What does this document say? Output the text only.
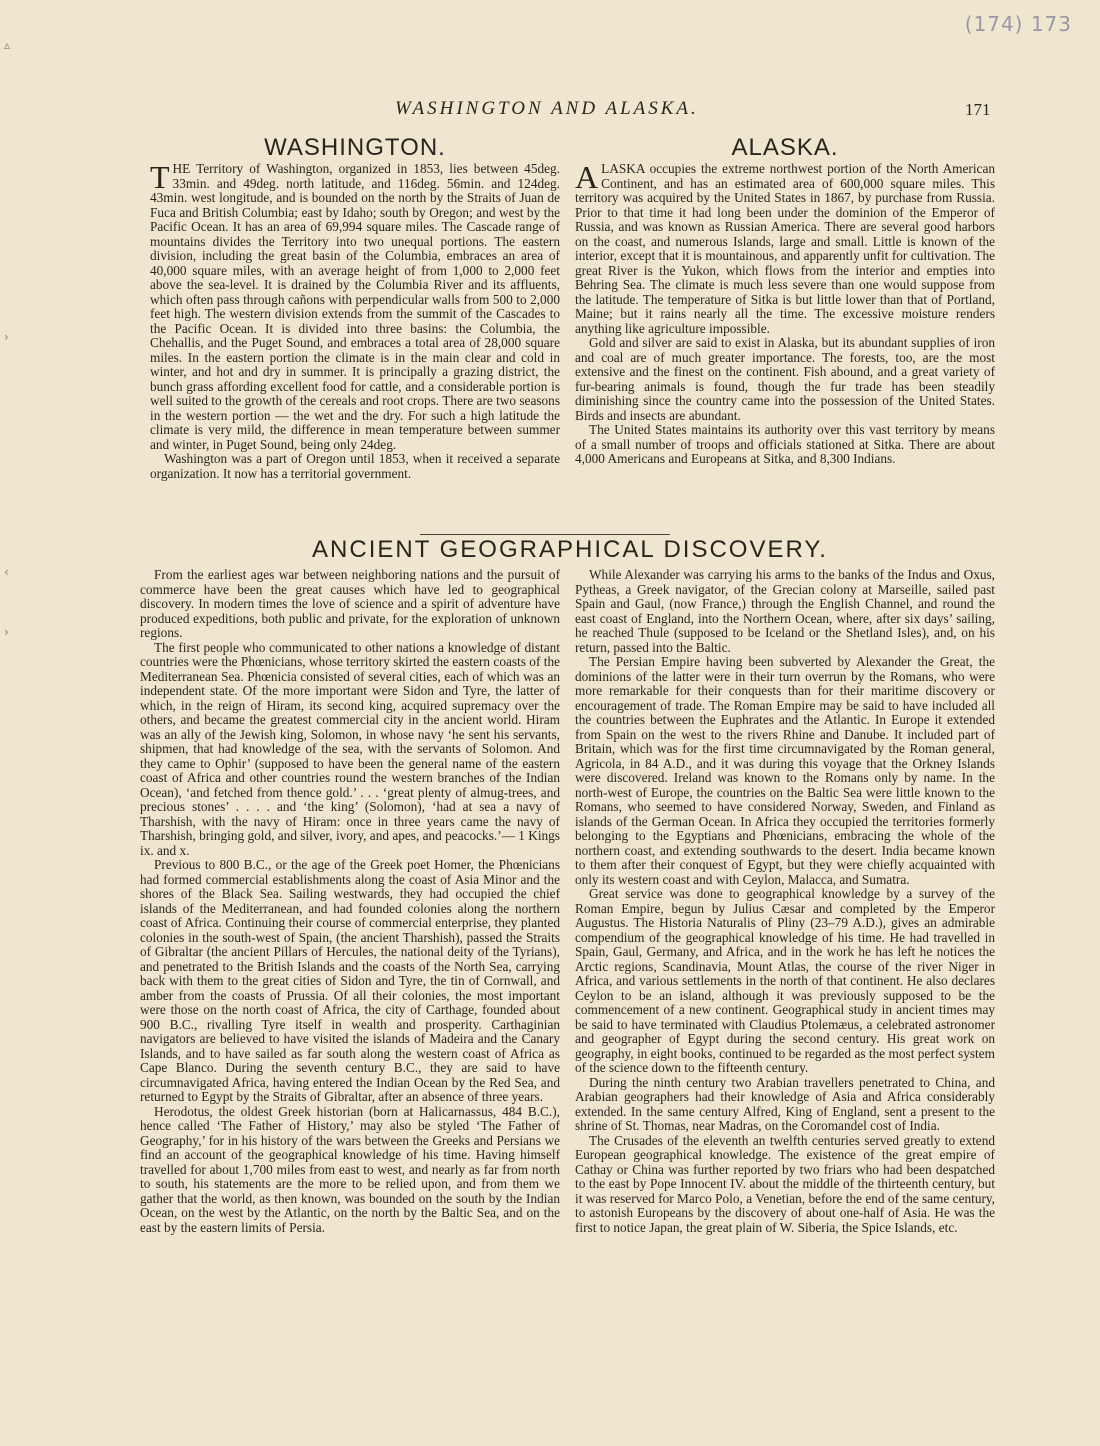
(174) 173
▵
›
‹
›
WASHINGTON AND ALASKA.	171
WASHINGTON.	ALASKA.

THE Territory of Washington, organized in 1853, lies between 45deg. 33min. and 49deg. north latitude, and 116deg. 56min. and 124deg. 43min. west longitude, and is bounded on the north by the Straits of Juan de Fuca and British Columbia; east by Idaho; south by Oregon; and west by the Pacific Ocean. It has an area of 69,994 square miles. The Cascade range of mountains divides the Territory into two unequal portions. The eastern division, including the great basin of the Columbia, embraces an area of 40,000 square miles, with an average height of from 1,000 to 2,000 feet above the sea-level. It is drained by the Columbia River and its affluents, which often pass through cañons with perpendicular walls from 500 to 2,000 feet high. The western division extends from the summit of the Cascades to the Pacific Ocean. It is divided into three basins: the Columbia, the Chehallis, and the Puget Sound, and embraces a total area of 28,000 square miles. In the eastern portion the climate is in the main clear and cold in winter, and hot and dry in summer. It is principally a grazing district, the bunch grass affording excellent food for cattle, and a considerable portion is well suited to the growth of the cereals and root crops. There are two seasons in the western portion — the wet and the dry. For such a high latitude the climate is very mild, the difference in mean temperature between summer and winter, in Puget Sound, being only 24deg.

Washington was a part of Oregon until 1853, when it received a separate organization. It now has a territorial government.

ALASKA occupies the extreme northwest portion of the North American Continent, and has an estimated area of 600,000 square miles. This territory was acquired by the United States in 1867, by purchase from Russia. Prior to that time it had long been under the dominion of the Emperor of Russia, and was known as Russian America. There are several good harbors on the coast, and numerous Islands, large and small. Little is known of the interior, except that it is mountainous, and apparently unfit for cultivation. The great River is the Yukon, which flows from the interior and empties into Behring Sea. The climate is much less severe than one would suppose from the latitude. The temperature of Sitka is but little lower than that of Portland, Maine; but it rains nearly all the time. The excessive moisture renders anything like agriculture impossible.

Gold and silver are said to exist in Alaska, but its abundant supplies of iron and coal are of much greater importance. The forests, too, are the most extensive and the finest on the continent. Fish abound, and a great variety of fur-bearing animals is found, though the fur trade has been steadily diminishing since the country came into the possession of the United States. Birds and insects are abundant.

The United States maintains its authority over this vast territory by means of a small number of troops and officials stationed at Sitka. There are about 4,000 Americans and Europeans at Sitka, and 8,300 Indians.

ANCIENT GEOGRAPHICAL DISCOVERY.

From the earliest ages war between neighboring nations and the pursuit of commerce have been the great causes which have led to geographical discovery. In modern times the love of science and a spirit of adventure have produced expeditions, both public and private, for the exploration of unknown regions.

The first people who communicated to other nations a knowledge of distant countries were the Phœnicians, whose territory skirted the eastern coasts of the Mediterranean Sea. Phœnicia consisted of several cities, each of which was an independent state. Of the more important were Sidon and Tyre, the latter of which, in the reign of Hiram, its second king, acquired supremacy over the others, and became the greatest commercial city in the ancient world. Hiram was an ally of the Jewish king, Solomon, in whose navy ‘he sent his servants, shipmen, that had knowledge of the sea, with the servants of Solomon. And they came to Ophir’ (supposed to have been the general name of the eastern coast of Africa and other countries round the western branches of the Indian Ocean), ‘and fetched from thence gold.’ . . . ‘great plenty of almug-trees, and precious stones’ . . . . and ‘the king’ (Solomon), ‘had at sea a navy of Tharshish, with the navy of Hiram: once in three years came the navy of Tharshish, bringing gold, and silver, ivory, and apes, and peacocks.’— 1 Kings ix. and x.

Previous to 800 B.C., or the age of the Greek poet Homer, the Phœnicians had formed commercial establishments along the coast of Asia Minor and the shores of the Black Sea. Sailing westwards, they had occupied the chief islands of the Mediterranean, and had founded colonies along the northern coast of Africa. Continuing their course of commercial enterprise, they planted colonies in the south-west of Spain, (the ancient Tharshish), passed the Straits of Gibraltar (the ancient Pillars of Hercules, the national deity of the Tyrians), and penetrated to the British Islands and the coasts of the North Sea, carrying back with them to the great cities of Sidon and Tyre, the tin of Cornwall, and amber from the coasts of Prussia. Of all their colonies, the most important were those on the north coast of Africa, the city of Carthage, founded about 900 B.C., rivalling Tyre itself in wealth and prosperity. Carthaginian navigators are believed to have visited the islands of Madeira and the Canary Islands, and to have sailed as far south along the western coast of Africa as Cape Blanco. During the seventh century B.C., they are said to have circumnavigated Africa, having entered the Indian Ocean by the Red Sea, and returned to Egypt by the Straits of Gibraltar, after an absence of three years.

Herodotus, the oldest Greek historian (born at Halicarnassus, 484 B.C.), hence called ‘The Father of History,’ may also be styled ‘The Father of Geography,’ for in his history of the wars between the Greeks and Persians we find an account of the geographical knowledge of his time. Having himself travelled for about 1,700 miles from east to west, and nearly as far from north to south, his statements are the more to be relied upon, and from them we gather that the world, as then known, was bounded on the south by the Indian Ocean, on the west by the Atlantic, on the north by the Baltic Sea, and on the east by the eastern limits of Persia.

While Alexander was carrying his arms to the banks of the Indus and Oxus, Pytheas, a Greek navigator, of the Grecian colony at Marseille, sailed past Spain and Gaul, (now France,) through the English Channel, and round the east coast of England, into the Northern Ocean, where, after six days’ sailing, he reached Thule (supposed to be Iceland or the Shetland Isles), and, on his return, passed into the Baltic.

The Persian Empire having been subverted by Alexander the Great, the dominions of the latter were in their turn overrun by the Romans, who were more remarkable for their conquests than for their maritime discovery or encouragement of trade. The Roman Empire may be said to have included all the countries between the Euphrates and the Atlantic. In Europe it extended from Spain on the west to the rivers Rhine and Danube. It included part of Britain, which was for the first time circumnavigated by the Roman general, Agricola, in 84 A.D., and it was during this voyage that the Orkney Islands were discovered. Ireland was known to the Romans only by name. In the north-west of Europe, the countries on the Baltic Sea were little known to the Romans, who seemed to have considered Norway, Sweden, and Finland as islands of the German Ocean. In Africa they occupied the territories formerly belonging to the Egyptians and Phœnicians, embracing the whole of the northern coast, and extending southwards to the desert. India became known to them after their conquest of Egypt, but they were chiefly acquainted with only its western coast and with Ceylon, Malacca, and Sumatra.

Great service was done to geographical knowledge by a survey of the Roman Empire, begun by Julius Cæsar and completed by the Emperor Augustus. The Historia Naturalis of Pliny (23–79 A.D.), gives an admirable compendium of the geographical knowledge of his time. He had travelled in Spain, Gaul, Germany, and Africa, and in the work he has left he notices the Arctic regions, Scandinavia, Mount Atlas, the course of the river Niger in Africa, and various settlements in the north of that continent. He also declares Ceylon to be an island, although it was previously supposed to be the commencement of a new continent. Geographical study in ancient times may be said to have terminated with Claudius Ptolemæus, a celebrated astronomer and geographer of Egypt during the second century. His great work on geography, in eight books, continued to be regarded as the most perfect system of the science down to the fifteenth century.

During the ninth century two Arabian travellers penetrated to China, and Arabian geographers had their knowledge of Asia and Africa considerably extended. In the same century Alfred, King of England, sent a present to the shrine of St. Thomas, near Madras, on the Coromandel cost of India.

The Crusades of the eleventh an twelfth centuries served greatly to extend European geographical knowledge. The existence of the great empire of Cathay or China was further reported by two friars who had been despatched to the east by Pope Innocent IV. about the middle of the thirteenth century, but it was reserved for Marco Polo, a Venetian, before the end of the same century, to astonish Europeans by the discovery of about one-half of Asia. He was the first to notice Japan, the great plain of W. Siberia, the Spice Islands, etc.
